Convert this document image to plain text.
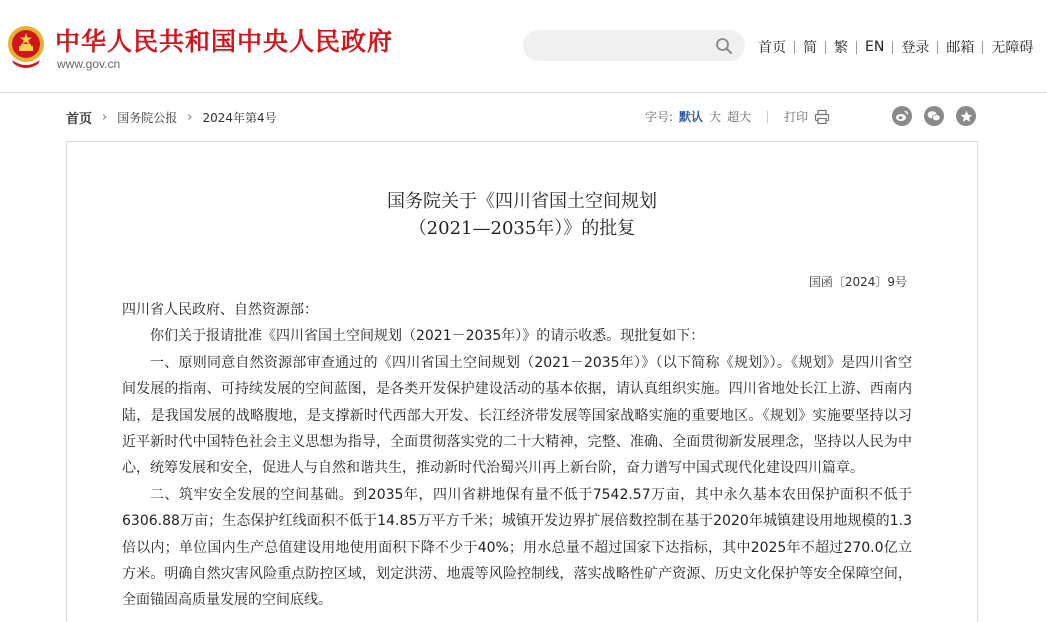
中华人民共和国中央人民政府
www.gov.cn
首页 简 繁 EN 登录 邮箱 无障碍
首页 › 国务院公报 › 2024年第4号	字号: 默认 大 超大	打印
国务院关于《四川省国土空间规划
（2021—2035年）》的批复
国函〔2024〕9号

四川省人民政府、自然资源部：

你们关于报请批准《四川省国土空间规划（2021－2035年）》的请示收悉。现批复如下：

一、原则同意自然资源部审查通过的《四川省国土空间规划（2021－2035年）》（以下简称《规划》）。《规划》是四川省空间发展的指南、可持续发展的空间蓝图，是各类开发保护建设活动的基本依据，请认真组织实施。四川省地处长江上游、西南内陆，是我国发展的战略腹地，是支撑新时代西部大开发、长江经济带发展等国家战略实施的重要地区。《规划》实施要坚持以习近平新时代中国特色社会主义思想为指导，全面贯彻落实党的二十大精神，完整、准确、全面贯彻新发展理念，坚持以人民为中心，统筹发展和安全，促进人与自然和谐共生，推动新时代治蜀兴川再上新台阶，奋力谱写中国式现代化建设四川篇章。

二、筑牢安全发展的空间基础。到2035年，四川省耕地保有量不低于7542.57万亩，其中永久基本农田保护面积不低于6306.88万亩；生态保护红线面积不低于14.85万平方千米；城镇开发边界扩展倍数控制在基于2020年城镇建设用地规模的1.3倍以内；单位国内生产总值建设用地使用面积下降不少于40%；用水总量不超过国家下达指标，其中2025年不超过270.0亿立方米。明确自然灾害风险重点防控区域，划定洪涝、地震等风险控制线，落实战略性矿产资源、历史文化保护等安全保障空间，全面锚固高质量发展的空间底线。
